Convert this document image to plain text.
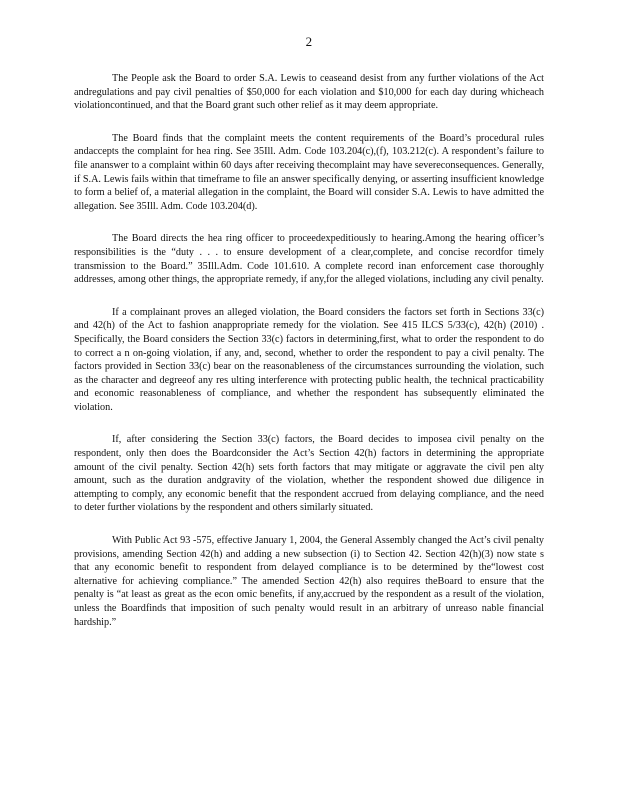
2

The People ask the Board to order S.A. Lewis to ceaseand desist from any further violations of the Act andregulations and pay civil penalties of $50,000 for each violation and $10,000 for each day during whicheach violationcontinued, and that the Board grant such other relief as it may deem appropriate.

The Board finds that the complaint meets the content requirements of the Board’s procedural rules andaccepts the complaint for hea ring. See 35Ill. Adm. Code 103.204(c),(f), 103.212(c). A respondent’s failure to file ananswer to a complaint within 60 days after receiving thecomplaint may have severeconsequences. Generally, if S.A. Lewis fails within that timeframe to file an answer specifically denying, or asserting insufficient knowledge to form a belief of, a material allegation in the complaint, the Board will consider S.A. Lewis to have admitted the allegation. See 35Ill. Adm. Code 103.204(d).

The Board directs the hea ring officer to proceedexpeditiously to hearing.Among the hearing officer’s responsibilities is the “duty . . . to ensure development of a clear,complete, and concise recordfor timely transmission to the Board.” 35Ill.Adm. Code 101.610. A complete record inan enforcement case thoroughly addresses, among other things, the appropriate remedy, if any,for the alleged violations, including any civil penalty.

If a complainant proves an alleged violation, the Board considers the factors set forth in Sections 33(c) and 42(h) of the Act to fashion anappropriate remedy for the violation. See 415 ILCS 5/33(c), 42(h) (2010) . Specifically, the Board considers the Section 33(c) factors in determining,first, what to order the respondent to do to correct a n on-going violation, if any, and, second, whether to order the respondent to pay a civil penalty. The factors provided in Section 33(c) bear on the reasonableness of the circumstances surrounding the violation, such as the character and degreeof any res ulting interference with protecting public health, the technical practicability and economic reasonableness of compliance, and whether the respondent has subsequently eliminated the violation.

If, after considering the Section 33(c) factors, the Board decides to imposea civil penalty on the respondent, only then does the Boardconsider the Act’s Section 42(h) factors in determining the appropriate amount of the civil penalty. Section 42(h) sets forth factors that may mitigate or aggravate the civil pen alty amount, such as the duration andgravity of the violation, whether the respondent showed due diligence in attempting to comply, any economic benefit that the respondent accrued from delaying compliance, and the need to deter further violations by the respondent and others similarly situated.

With Public Act 93 -575, effective January 1, 2004, the General Assembly changed the Act’s civil penalty provisions, amending Section 42(h) and adding a new subsection (i) to Section 42. Section 42(h)(3) now state s that any economic benefit to respondent from delayed compliance is to be determined by the“lowest cost alternative for achieving compliance.” The amended Section 42(h) also requires theBoard to ensure that the penalty is “at least as great as the econ omic benefits, if any,accrued by the respondent as a result of the violation, unless the Boardfinds that imposition of such penalty would result in an arbitrary of unreaso nable financial hardship.”
